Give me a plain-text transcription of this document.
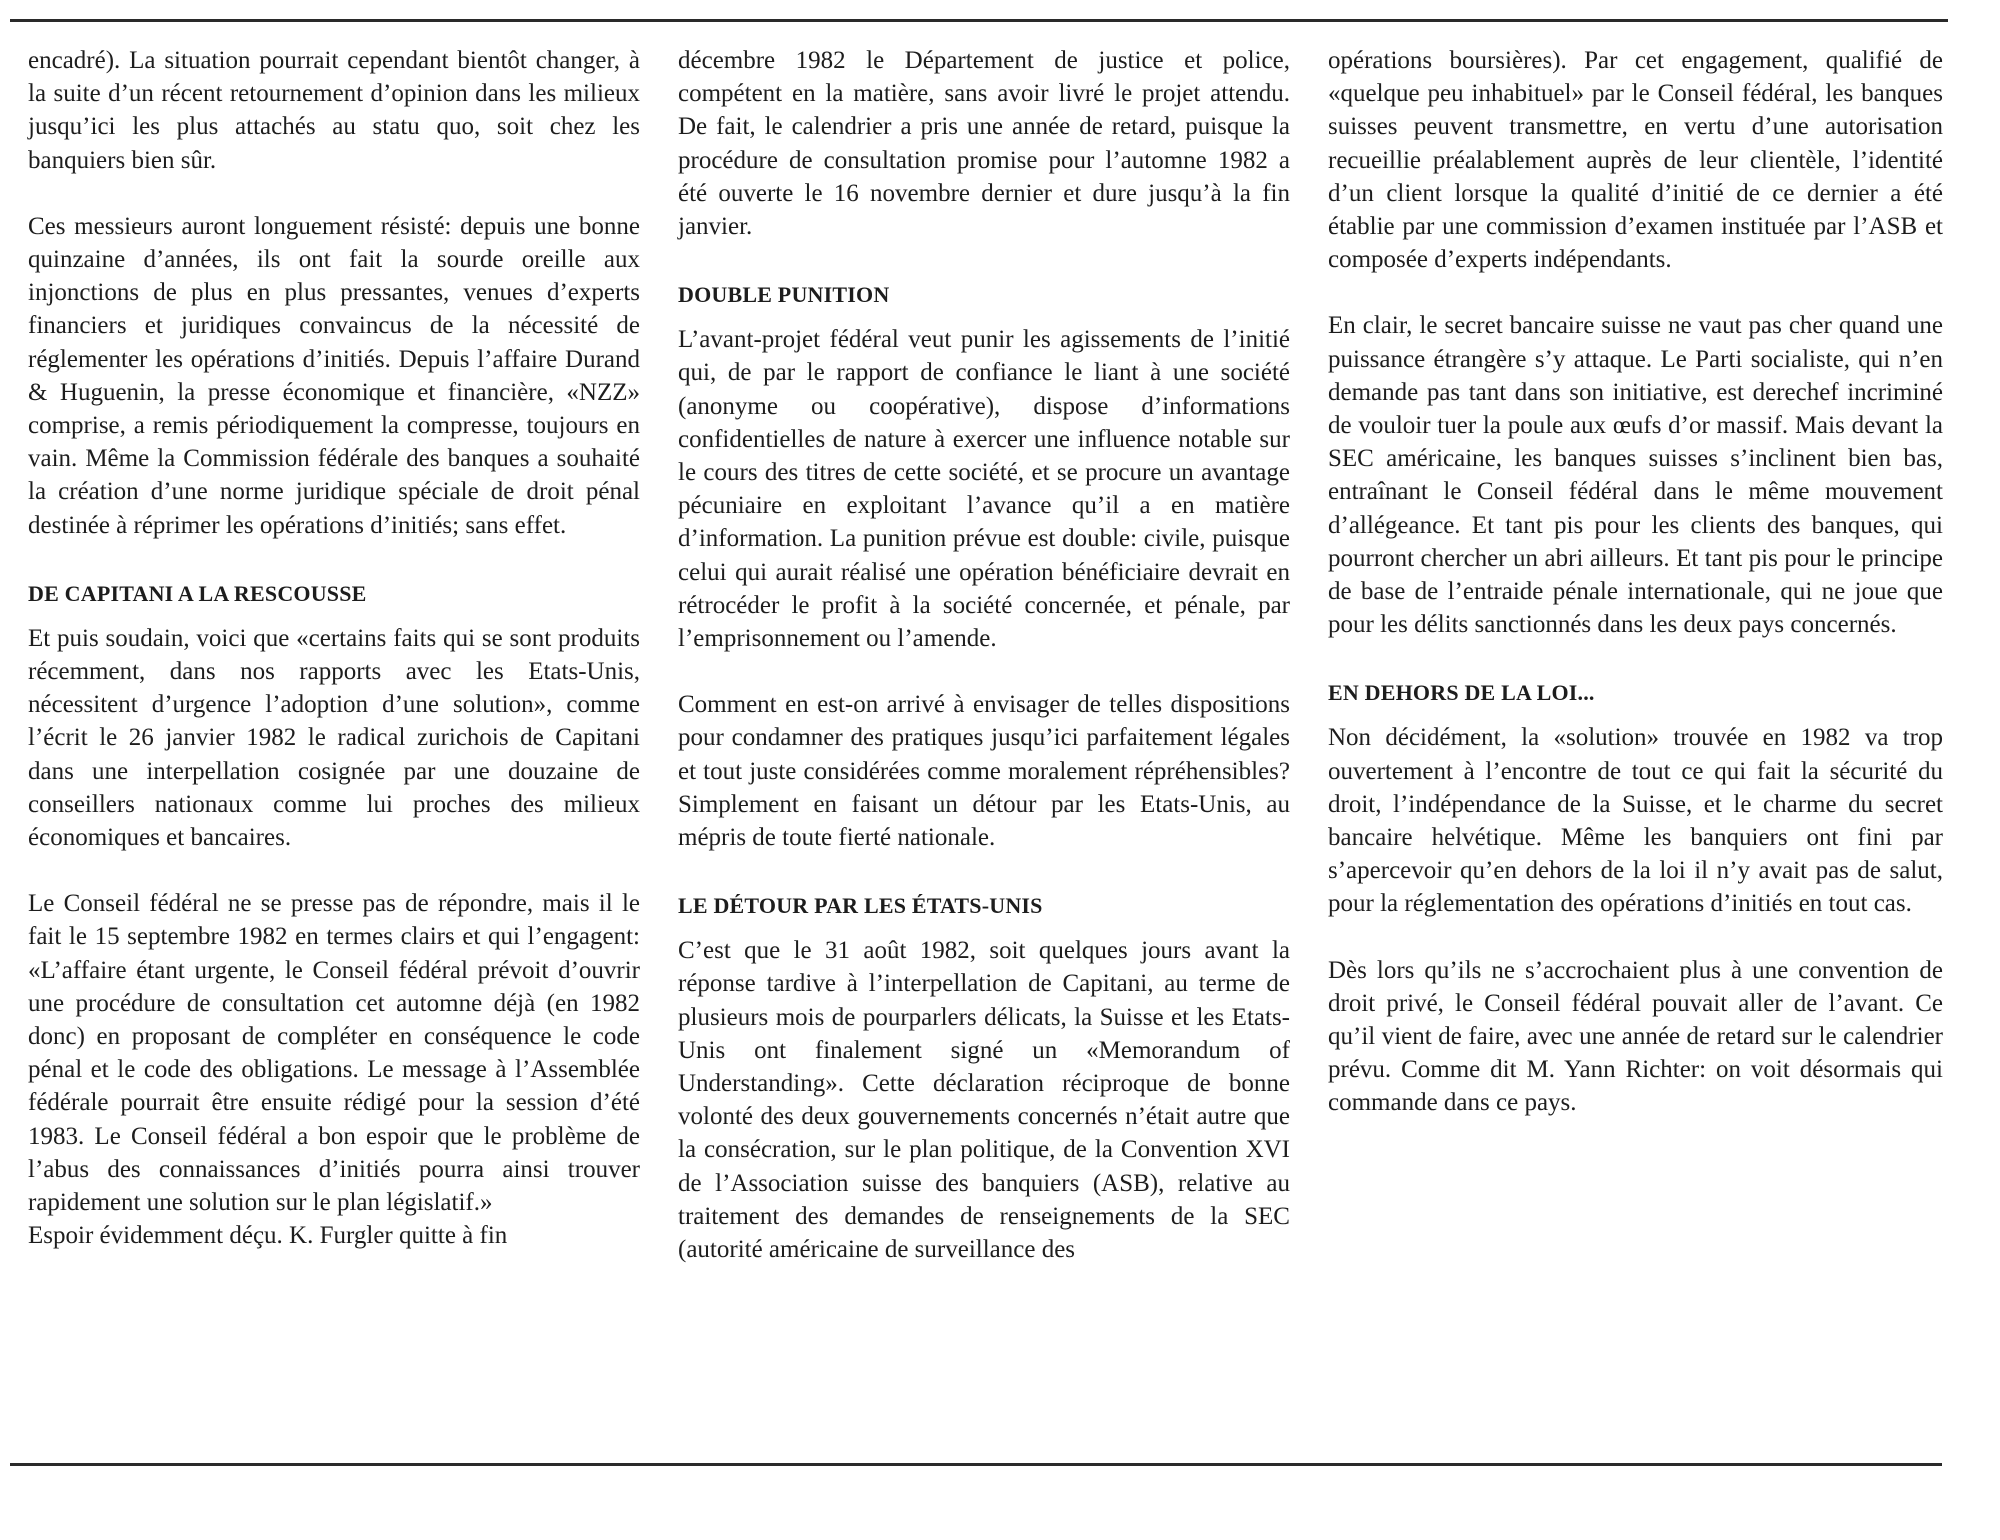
encadré). La situation pourrait cependant bientôt changer, à la suite d’un récent retournement d’opinion dans les milieux jusqu’ici les plus attachés au statu quo, soit chez les banquiers bien sûr.

Ces messieurs auront longuement résisté: depuis une bonne quinzaine d’années, ils ont fait la sourde oreille aux injonctions de plus en plus pressantes, venues d’experts financiers et juridiques convaincus de la nécessité de réglementer les opérations d’initiés. Depuis l’affaire Durand & Huguenin, la presse économique et financière, «NZZ» comprise, a remis périodiquement la compresse, toujours en vain. Même la Commission fédérale des banques a souhaité la création d’une norme juridique spéciale de droit pénal destinée à réprimer les opérations d’initiés; sans effet.

DE CAPITANI A LA RESCOUSSE

Et puis soudain, voici que «certains faits qui se sont produits récemment, dans nos rapports avec les Etats-Unis, nécessitent d’urgence l’adoption d’une solution», comme l’écrit le 26 janvier 1982 le radical zurichois de Capitani dans une interpellation cosignée par une douzaine de conseillers nationaux comme lui proches des milieux économiques et bancaires.

Le Conseil fédéral ne se presse pas de répondre, mais il le fait le 15 septembre 1982 en termes clairs et qui l’engagent: «L’affaire étant urgente, le Conseil fédéral prévoit d’ouvrir une procédure de consultation cet automne déjà (en 1982 donc) en proposant de compléter en conséquence le code pénal et le code des obligations. Le message à l’Assemblée fédérale pourrait être ensuite rédigé pour la session d’été 1983. Le Conseil fédéral a bon espoir que le problème de l’abus des connaissances d’initiés pourra ainsi trouver rapidement une solution sur le plan législatif.»

Espoir évidemment déçu. K. Furgler quitte à fin

décembre 1982 le Département de justice et police, compétent en la matière, sans avoir livré le projet attendu. De fait, le calendrier a pris une année de retard, puisque la procédure de consultation promise pour l’automne 1982 a été ouverte le 16 novembre dernier et dure jusqu’à la fin janvier.

DOUBLE PUNITION

L’avant-projet fédéral veut punir les agissements de l’initié qui, de par le rapport de confiance le liant à une société (anonyme ou coopérative), dispose d’informations confidentielles de nature à exercer une influence notable sur le cours des titres de cette société, et se procure un avantage pécuniaire en exploitant l’avance qu’il a en matière d’information. La punition prévue est double: civile, puisque celui qui aurait réalisé une opération bénéficiaire devrait en rétrocéder le profit à la société concernée, et pénale, par l’emprisonnement ou l’amende.

Comment en est-on arrivé à envisager de telles dispositions pour condamner des pratiques jusqu’ici parfaitement légales et tout juste considérées comme moralement répréhensibles? Simplement en faisant un détour par les Etats-Unis, au mépris de toute fierté nationale.

LE DÉTOUR PAR LES ÉTATS-UNIS

C’est que le 31 août 1982, soit quelques jours avant la réponse tardive à l’interpellation de Capitani, au terme de plusieurs mois de pourparlers délicats, la Suisse et les Etats-Unis ont finalement signé un «Memorandum of Understanding». Cette déclaration réciproque de bonne volonté des deux gouvernements concernés n’était autre que la consécration, sur le plan politique, de la Convention XVI de l’Association suisse des banquiers (ASB), relative au traitement des demandes de renseignements de la SEC (autorité américaine de surveillance des

opérations boursières). Par cet engagement, qualifié de «quelque peu inhabituel» par le Conseil fédéral, les banques suisses peuvent transmettre, en vertu d’une autorisation recueillie préalablement auprès de leur clientèle, l’identité d’un client lorsque la qualité d’initié de ce dernier a été établie par une commission d’examen instituée par l’ASB et composée d’experts indépendants.

En clair, le secret bancaire suisse ne vaut pas cher quand une puissance étrangère s’y attaque. Le Parti socialiste, qui n’en demande pas tant dans son initiative, est derechef incriminé de vouloir tuer la poule aux œufs d’or massif. Mais devant la SEC américaine, les banques suisses s’inclinent bien bas, entraînant le Conseil fédéral dans le même mouvement d’allégeance. Et tant pis pour les clients des banques, qui pourront chercher un abri ailleurs. Et tant pis pour le principe de base de l’entraide pénale internationale, qui ne joue que pour les délits sanctionnés dans les deux pays concernés.

EN DEHORS DE LA LOI...

Non décidément, la «solution» trouvée en 1982 va trop ouvertement à l’encontre de tout ce qui fait la sécurité du droit, l’indépendance de la Suisse, et le charme du secret bancaire helvétique. Même les banquiers ont fini par s’apercevoir qu’en dehors de la loi il n’y avait pas de salut, pour la réglementation des opérations d’initiés en tout cas.

Dès lors qu’ils ne s’accrochaient plus à une convention de droit privé, le Conseil fédéral pouvait aller de l’avant. Ce qu’il vient de faire, avec une année de retard sur le calendrier prévu. Comme dit M. Yann Richter: on voit désormais qui commande dans ce pays.
